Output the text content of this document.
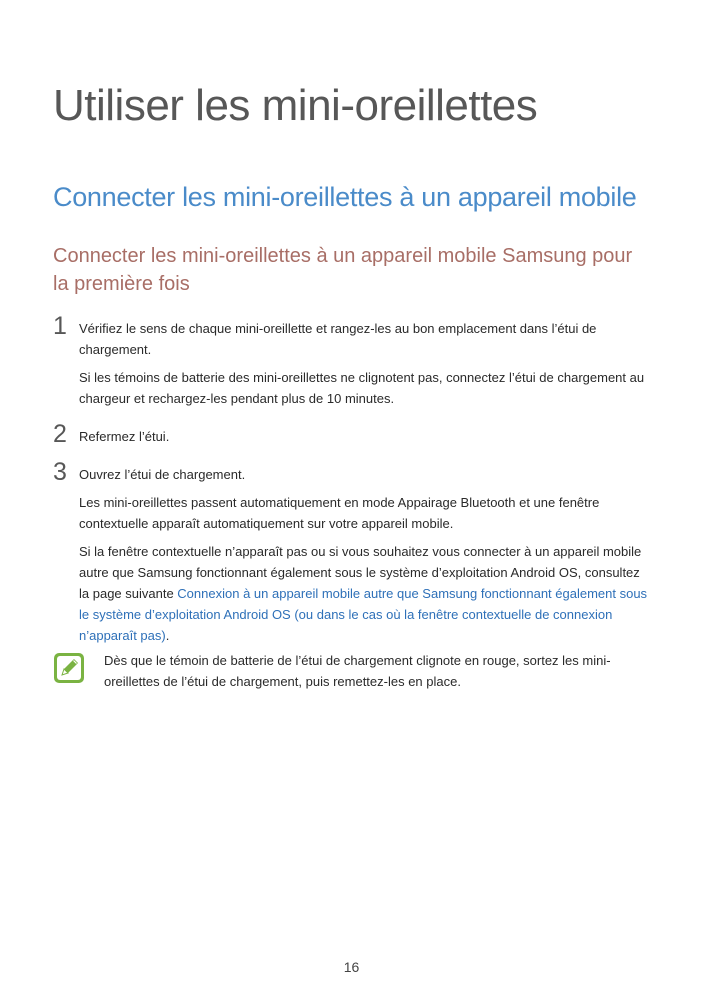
Utiliser les mini-oreillettes
Connecter les mini-oreillettes à un appareil mobile
Connecter les mini-oreillettes à un appareil mobile Samsung pour la première fois
1 Vérifiez le sens de chaque mini-oreillette et rangez-les au bon emplacement dans l’étui de chargement.

Si les témoins de batterie des mini-oreillettes ne clignotent pas, connectez l’étui de chargement au chargeur et rechargez-les pendant plus de 10 minutes.

2 Refermez l’étui.

3 Ouvrez l’étui de chargement.

Les mini-oreillettes passent automatiquement en mode Appairage Bluetooth et une fenêtre contextuelle apparaît automatiquement sur votre appareil mobile.

Si la fenêtre contextuelle n’apparaît pas ou si vous souhaitez vous connecter à un appareil mobile autre que Samsung fonctionnant également sous le système d’exploitation Android OS, consultez la page suivante Connexion à un appareil mobile autre que Samsung fonctionnant également sous le système d’exploitation Android OS (ou dans le cas où la fenêtre contextuelle de connexion n’apparaît pas).

Dès que le témoin de batterie de l’étui de chargement clignote en rouge, sortez les mini-oreillettes de l’étui de chargement, puis remettez-les en place.

16
